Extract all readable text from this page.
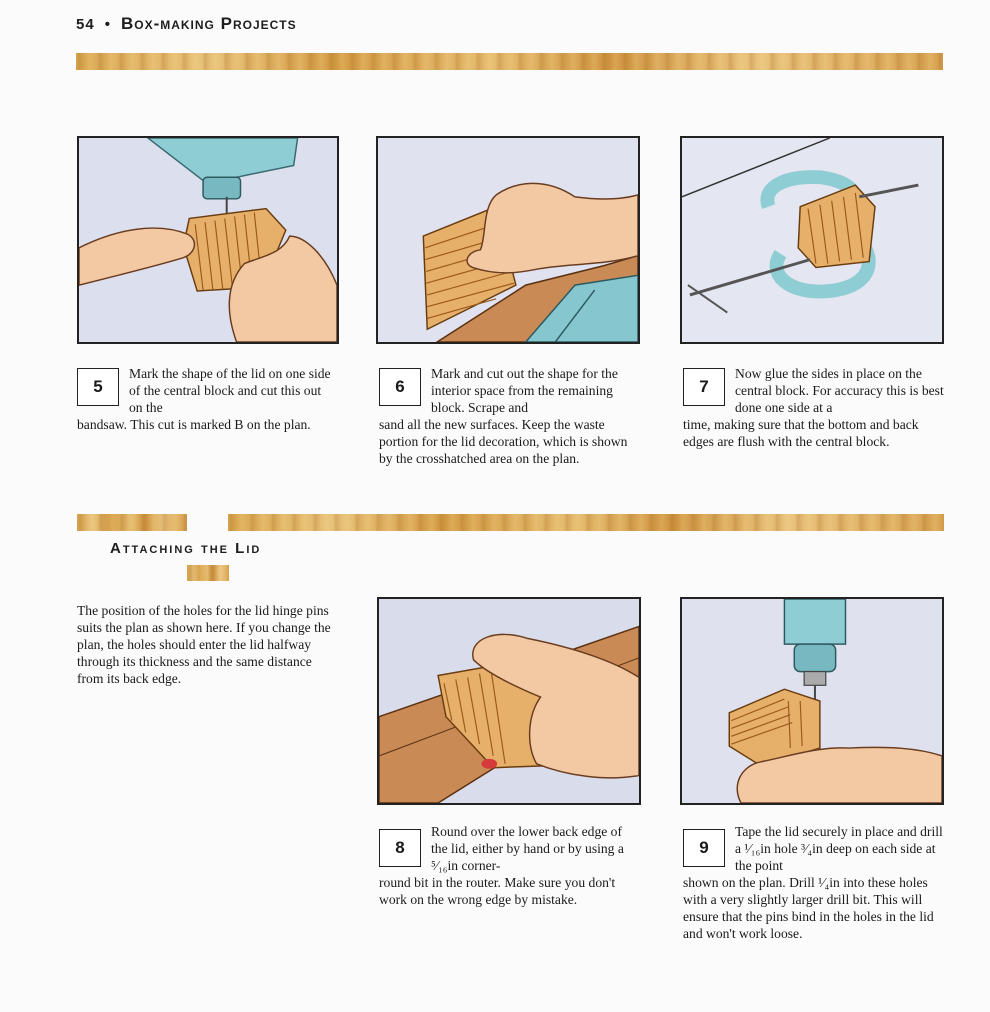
54 • Box-making Projects
5

Mark the shape of the lid on one side of the central block and cut this out on the
bandsaw. This cut is marked B on the plan.

6

Mark and cut out the shape for the interior space from the remaining block. Scrape and
sand all the new surfaces. Keep the waste portion for the lid decoration, which is shown by the crosshatched area on the plan.

7

Now glue the sides in place on the central block. For accuracy this is best done one side at a
time, making sure that the bottom and back edges are flush with the central block.

Attaching the Lid

The position of the holes for the lid hinge pins suits the plan as shown here. If you change the plan, the holes should enter the lid halfway through its thickness and the same distance from its back edge.

8

Round over the lower back edge of the lid, either by hand or by using a ⁵⁄₁₆in corner-
round bit in the router. Make sure you don't work on the wrong edge by mistake.

9

Tape the lid securely in place and drill a ¹⁄₁₆in hole ³⁄₄in deep on each side at the point
shown on the plan. Drill ¹⁄₄in into these holes with a very slightly larger drill bit. This will ensure that the pins bind in the holes in the lid and won't work loose.
